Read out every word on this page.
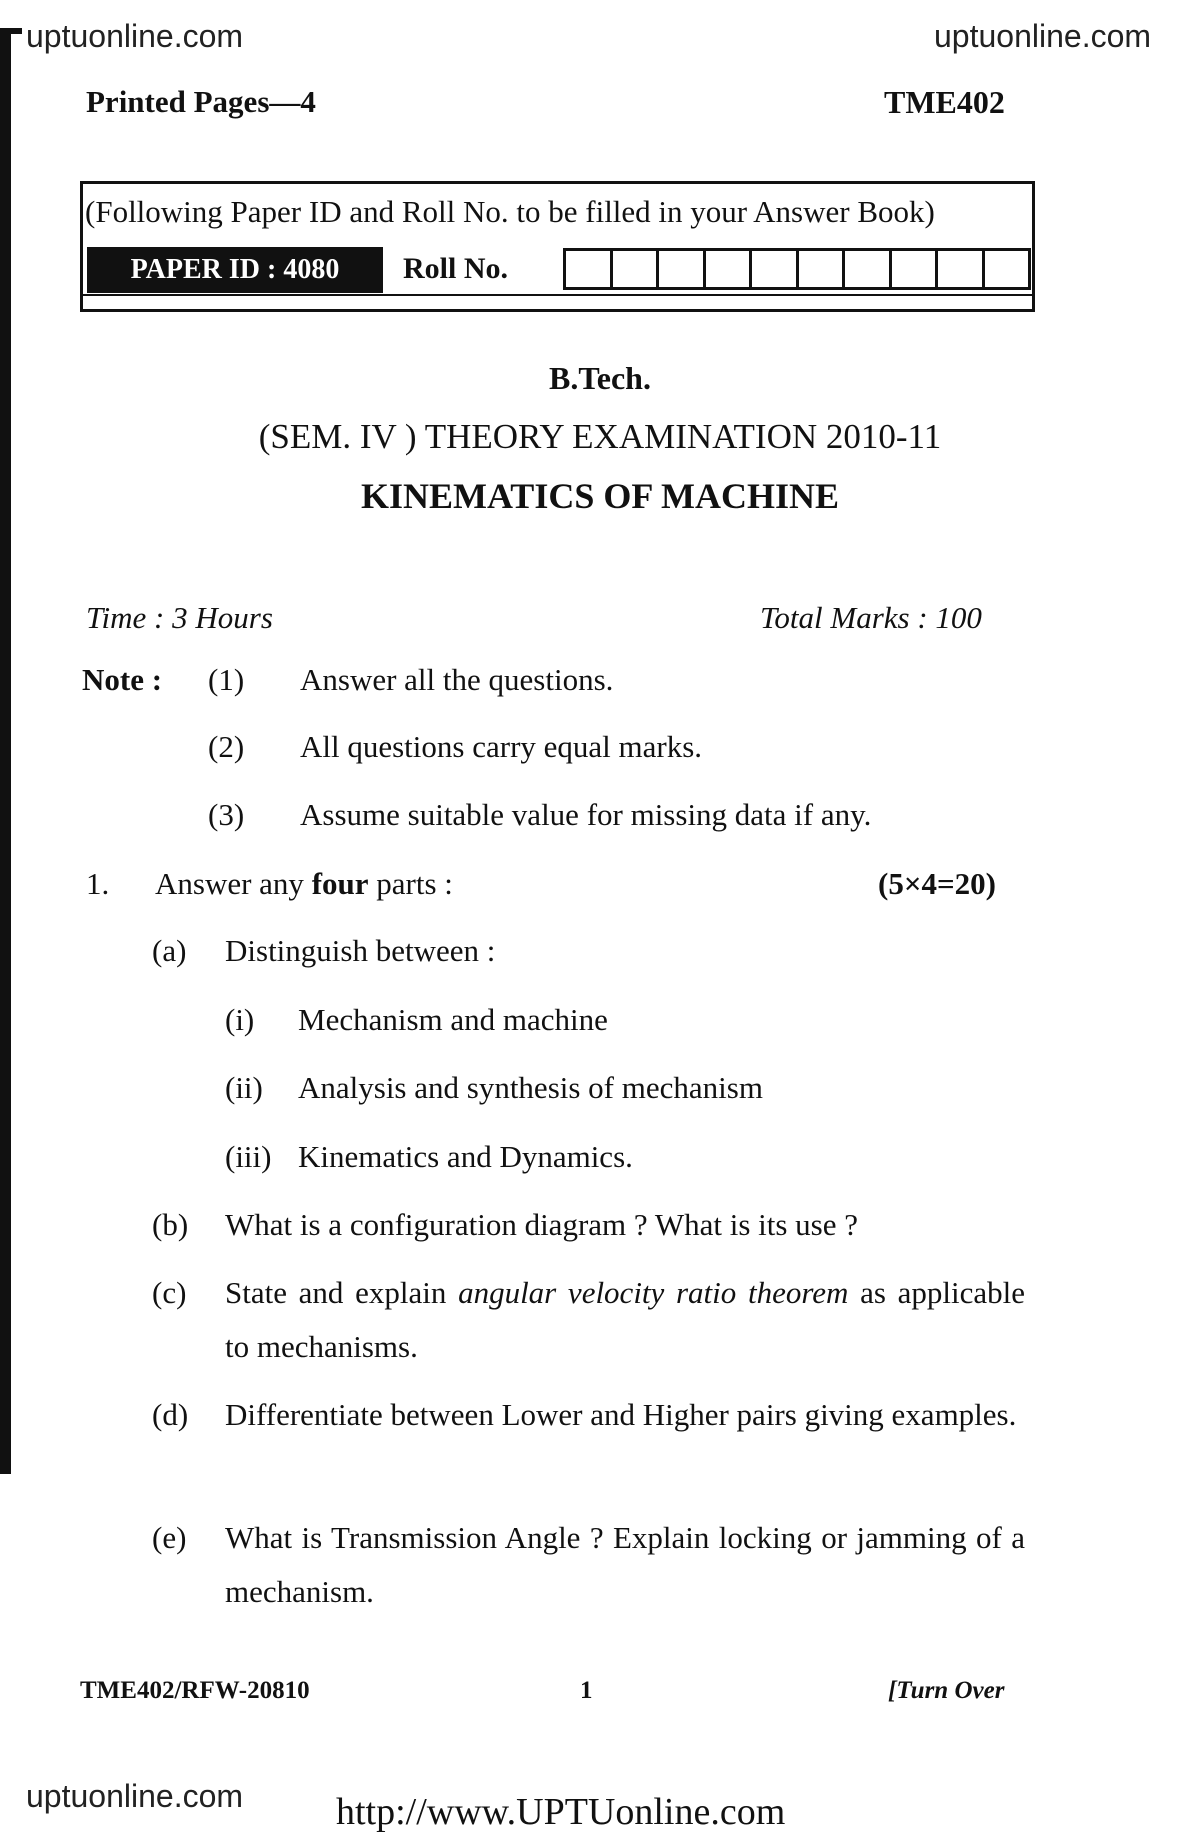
uptuonline.com	uptuonline.com
Printed Pages—4	TME402
(Following Paper ID and Roll No. to be filled in your Answer Book)
PAPER ID : 4080	Roll No.
B.Tech.
(SEM. IV ) THEORY EXAMINATION 2010-11
KINEMATICS OF MACHINE
Time : 3 Hours	Total Marks : 100
Note : (1) Answer all the questions.
(2) All questions carry equal marks.
(3) Assume suitable value for missing data if any.
1. Answer any four parts :	(5×4=20)
(a) Distinguish between :
(i) Mechanism and machine
(ii) Analysis and synthesis of mechanism
(iii) Kinematics and Dynamics.
(b) What is a configuration diagram ? What is its use ?
(c) State and explain angular velocity ratio theorem as applicable to mechanisms.
(d) Differentiate between Lower and Higher pairs giving examples.
(e) What is Transmission Angle ? Explain locking or jamming of a mechanism.
TME402/RFW-20810	1	[Turn Over
uptuonline.com http://www.UPTUonline.com
